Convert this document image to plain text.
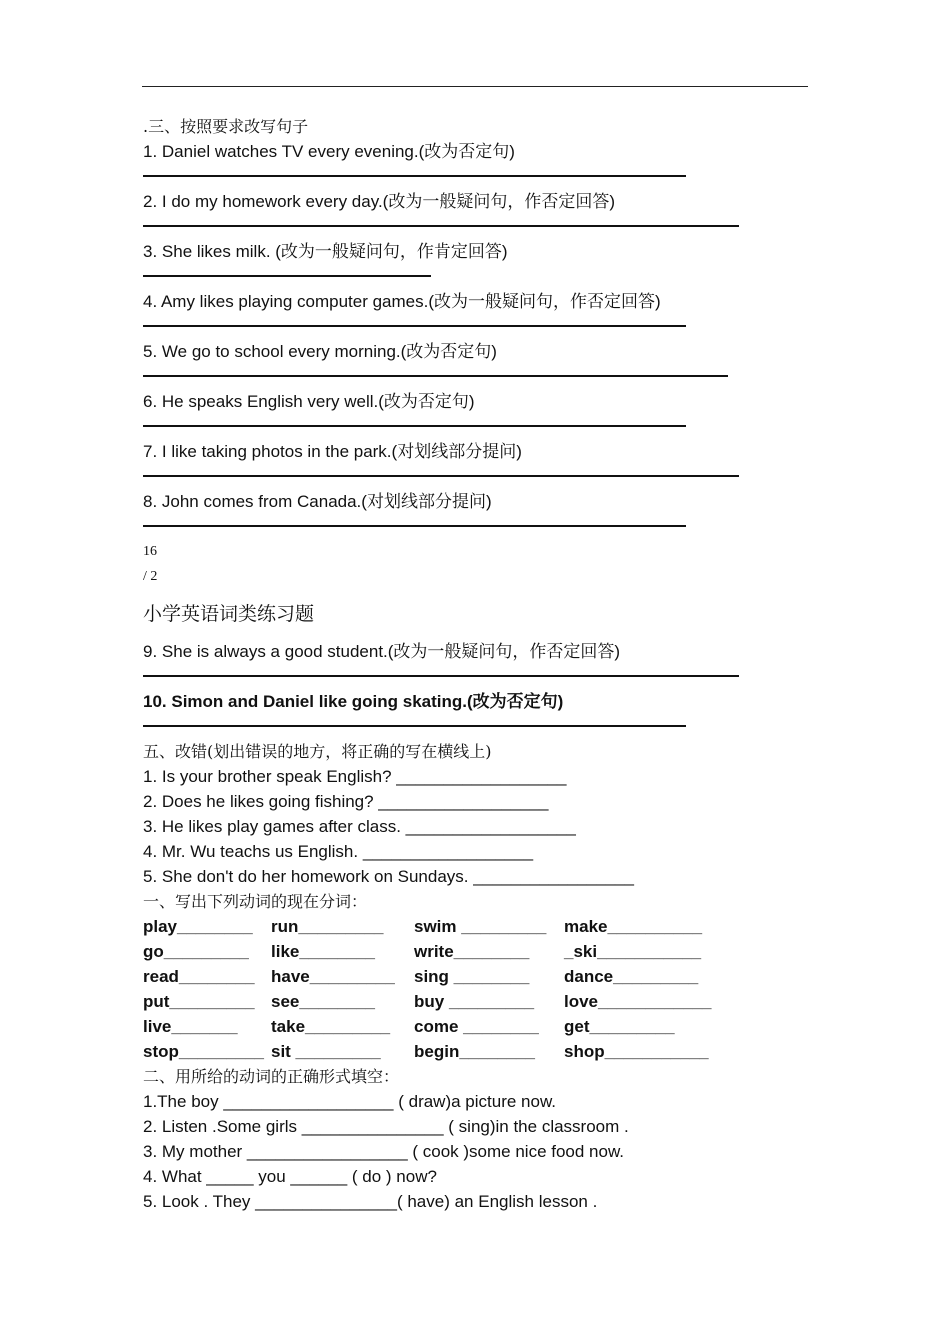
.三、按照要求改写句子
1. Daniel watches TV every evening.(改为否定句)
2. I do my homework every day.(改为一般疑问句，作否定回答)
3. She likes milk. (改为一般疑问句，作肯定回答)
4. Amy likes playing computer games.(改为一般疑问句，作否定回答)
5. We go to school every morning.(改为否定句)
6. He speaks English very well.(改为否定句)
7. I like taking photos in the park.(对划线部分提问)
8. John comes from Canada.(对划线部分提问)
16
/ 2
小学英语词类练习题
9. She is always a good student.(改为一般疑问句，作否定回答)
10. Simon and Daniel like going skating.(改为否定句)
五、改错(划出错误的地方，将正确的写在横线上)
1. Is your brother speak English? __________________
2. Does he likes going fishing? __________________
3. He likes play games after class. __________________
4. Mr. Wu teachs us English. __________________
5. She don't do her homework on Sundays. _________________
一、写出下列动词的现在分词：
play________	run_________	swim _________	make__________
go_________	like________	write________	_ski___________
read________ have_________	sing ________	dance_________
put_________ see________	buy _________	love____________
live_______	take_________	come ________	get_________
stop_________ sit _________	begin________	shop___________
二、用所给的动词的正确形式填空：
1.The boy __________________ ( draw)a picture now.
2. Listen .Some girls _______________ ( sing)in the classroom .
3. My mother _________________ ( cook )some nice food now.
4. What _____ you ______ ( do ) now?
5. Look . They _______________( have) an English lesson .
